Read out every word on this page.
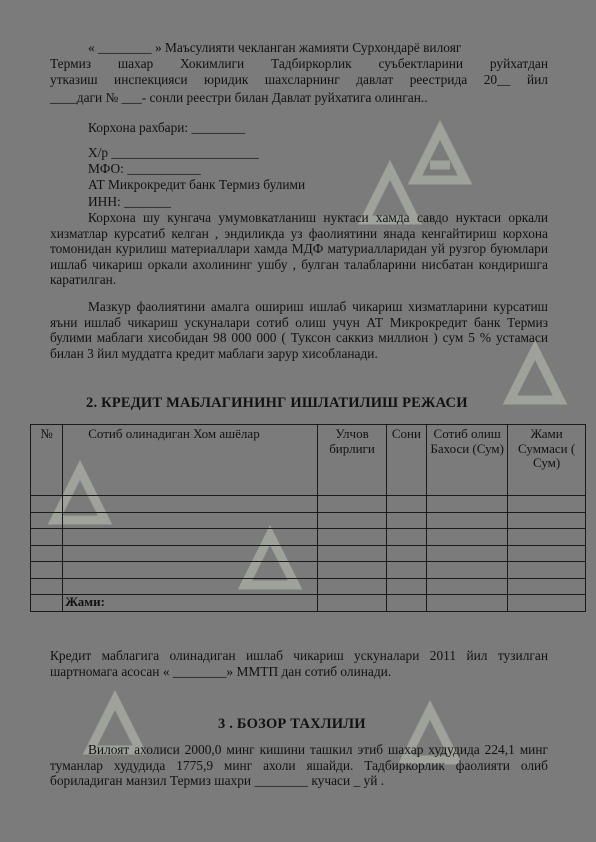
« ________ » Маъсулияти чекланган жамияти Сурхондарё вилояг
Термиз шахар Хокимлиги Тадбиркорлик суъбектларини руйхатдан
утказиш инспекцияси юридик шахсларнинг давлат реестрида 20__ йил
____даги № ___- сонли реестри билан Давлат руйхатига олинган..
Корхона рахбари: ________
Х/р ______________________
МФО: ___________
АТ Микрокредит банк Термиз булими
ИНН: _______
Корхона шу кунгача умумовкатланиш нуктаси хамда савдо нуктаси оркали хизматлар курсатиб келган , эндиликда уз фаолиятини янада кенгайтириш корхона томонидан курилиш материаллари хамда МДФ матуриалларидан уй рузгор буюмлари ишлаб чикариш оркали ахолининг ушбу , булган талабларини нисбатан кондиришга каратилган.
Мазкур фаолиятини амалга ошириш ишлаб чикариш хизматларини курсатиш яъни ишлаб чикариш ускуналари сотиб олиш учун АТ Микрокредит банк Термиз булими маблаги хисобидан 98 000 000 ( Туксон саккиз миллион ) сум 5 % устамаси билан 3 йил муддатга кредит маблаги зарур хисобланади.
2. КРЕДИТ МАБЛАГИНИНГ ИШЛАТИЛИШ РЕЖАСИ
№	Сотиб олинадиган Хом ашёлар	Улчов бирлиги	Сони	Сотиб олиш Бахоси (Сум)	Жами Суммаси ( Сум)

	Жами:				
Кредит маблагига олинадиган ишлаб чикариш ускуналари 2011 йил тузилган шартномага асосан « ________» ММТП дан сотиб олинади.
3 . БОЗОР ТАХЛИЛИ
Вилоят ахолиси 2000,0 минг кишини ташкил этиб шахар худудида 224,1 минг туманлар худудида 1775,9 минг ахоли яшайди. Тадбиркорлик фаолияти олиб бориладиган манзил Термиз шахри ________ кучаси _ уй .
